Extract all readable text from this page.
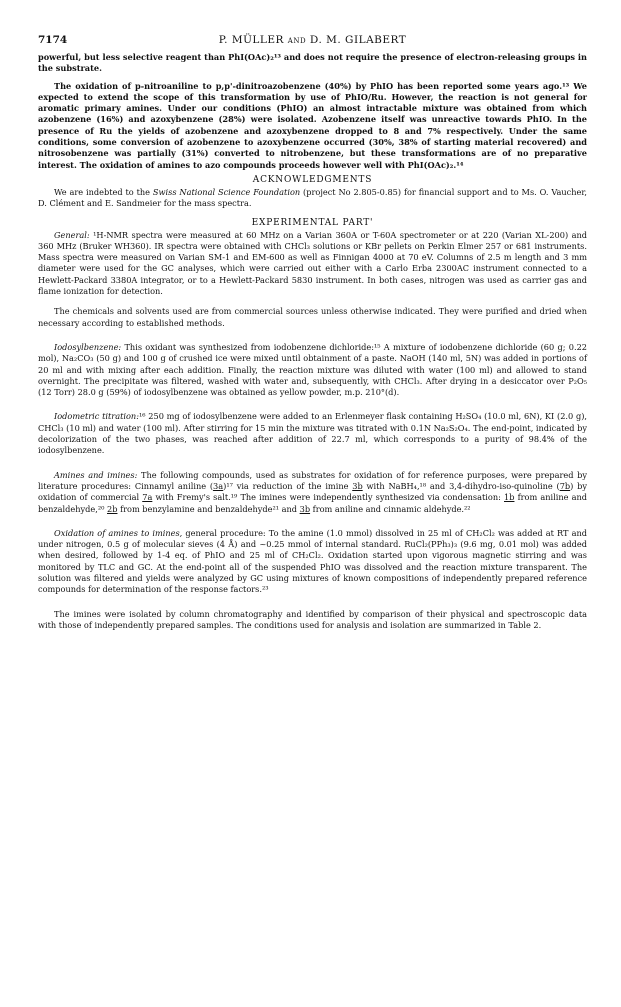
7174	P. MÜLLER and D. M. GILABERT

powerful, but less selective reagent than PhI(OAc)₂¹³ and does not require the presence of electron-releasing groups in the substrate.

The oxidation of p-nitroaniline to p,p'-dinitroazobenzene (40%) by PhIO has been reported some years ago.¹³ We expected to extend the scope of this transformation by use of PhIO/Ru. However, the reaction is not general for aromatic primary amines. Under our conditions (PhIO) an almost intractable mixture was obtained from which azobenzene (16%) and azoxybenzene (28%) were isolated. Azobenzene itself was unreactive towards PhIO. In the presence of Ru the yields of azobenzene and azoxybenzene dropped to 8 and 7% respectively. Under the same conditions, some conversion of azobenzene to azoxybenzene occurred (30%, 38% of starting material recovered) and nitrosobenzene was partially (31%) converted to nitrobenzene, but these transformations are of no preparative interest. The oxidation of amines to azo compounds proceeds however well with PhI(OAc)₂.¹⁴

ACKNOWLEDGMENTS

We are indebted to the Swiss National Science Foundation (project No 2.805-0.85) for financial support and to Ms. O. Vaucher, D. Clément and E. Sandmeier for the mass spectra.

EXPERIMENTAL PART'

General: ¹H-NMR spectra were measured at 60 MHz on a Varian 360A or T-60A spectrometer or at 220 (Varian XL-200) and 360 MHz (Bruker WH360). IR spectra were obtained with CHCl₃ solutions or KBr pellets on Perkin Elmer 257 or 681 instruments. Mass spectra were measured on Varian SM-1 and EM-600 as well as Finnigan 4000 at 70 eV. Columns of 2.5 m length and 3 mm diameter were used for the GC analyses, which were carried out either with a Carlo Erba 2300AC instrument connected to a Hewlett-Packard 3380A integrator, or to a Hewlett-Packard 5830 instrument. In both cases, nitrogen was used as carrier gas and flame ionization for detection.

The chemicals and solvents used are from commercial sources unless otherwise indicated. They were purified and dried when necessary according to established methods.

Iodosylbenzene: This oxidant was synthesized from iodobenzene dichloride:¹⁵ A mixture of iodobenzene dichloride (60 g; 0.22 mol), Na₂CO₃ (50 g) and 100 g of crushed ice were mixed until obtainment of a paste. NaOH (140 ml, 5N) was added in portions of 20 ml and with mixing after each addition. Finally, the reaction mixture was diluted with water (100 ml) and allowed to stand overnight. The precipitate was filtered, washed with water and, subsequently, with CHCl₃. After drying in a desiccator over P₂O₅ (12 Torr) 28.0 g (59%) of iodosylbenzene was obtained as yellow powder, m.p. 210°(d).

Iodometric titration:¹⁶ 250 mg of iodosylbenzene were added to an Erlenmeyer flask containing H₂SO₄ (10.0 ml, 6N), KI (2.0 g), CHCl₃ (10 ml) and water (100 ml). After stirring for 15 min the mixture was titrated with 0.1N Na₂S₂O₄. The end-point, indicated by decolorization of the two phases, was reached after addition of 22.7 ml, which corresponds to a purity of 98.4% of the iodosylbenzene.

Amines and imines: The following compounds, used as substrates for oxidation of for reference purposes, were prepared by literature procedures: Cinnamyl aniline (3a)¹⁷ via reduction of the imine 3b with NaBH₄,¹⁸ and 3,4-dihydro-iso-quinoline (7b) by oxidation of commercial 7a with Fremy's salt.¹⁹ The imines were independently synthesized via condensation: 1b from aniline and benzaldehyde,²⁰ 2b from benzylamine and benzaldehyde²¹ and 3b from aniline and cinnamic aldehyde.²²

Oxidation of amines to imines, general procedure: To the amine (1.0 mmol) dissolved in 25 ml of CH₂Cl₂ was added at RT and under nitrogen, 0.5 g of molecular sieves (4 Å) and ~0.25 mmol of internal standard. RuCl₂(PPh₃)₃ (9.6 mg, 0.01 mol) was added when desired, followed by 1-4 eq. of PhIO and 25 ml of CH₂Cl₂. Oxidation started upon vigorous magnetic stirring and was monitored by TLC and GC. At the end-point all of the suspended PhIO was dissolved and the reaction mixture transparent. The solution was filtered and yields were analyzed by GC using mixtures of known compositions of independently prepared reference compounds for determination of the response factors.²³

The imines were isolated by column chromatography and identified by comparison of their physical and spectroscopic data with those of independently prepared samples. The conditions used for analysis and isolation are summarized in Table 2.
